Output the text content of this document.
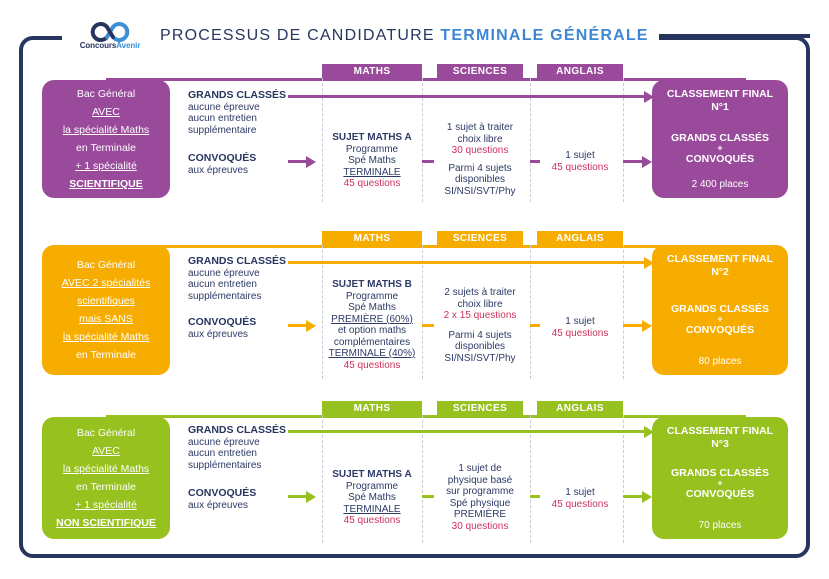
ConcoursAvenir
PROCESSUS DE CANDIDATURE TERMINALE GÉNÉRALE
MATHS	SCIENCES	ANGLAIS
Bac Général
AVEC
la spécialité Maths
en Terminale
+ 1 spécialité
SCIENTIFIQUE
GRANDS CLASSÉS
aucune épreuve
aucun entretien
supplémentaire
CONVOQUÉS
aux épreuves
SUJET MATHS A
Programme
Spé Maths
TERMINALE
45 questions
1 sujet à traiter
choix libre
30 questions
Parmi 4 sujets
disponibles
SI/NSI/SVT/Phy
1 sujet
45 questions
CLASSEMENT FINAL
N°1
GRANDS CLASSÉS
+
CONVOQUÉS
2 400 places
MATHS	SCIENCES	ANGLAIS
Bac Général
AVEC 2 spécialités
scientifiques
mais SANS
la spécialité Maths
en Terminale
GRANDS CLASSÉS
aucune épreuve
aucun entretien
supplémentaires
CONVOQUÉS
aux épreuves
SUJET MATHS B
Programme
Spé Maths
PREMIÈRE (60%)
et option maths
complémentaires
TERMINALE (40%)
45 questions
2 sujets à traiter
choix libre
2 x 15 questions
Parmi 4 sujets
disponibles
SI/NSI/SVT/Phy
1 sujet
45 questions
CLASSEMENT FINAL
N°2
GRANDS CLASSÉS
+
CONVOQUÉS
80 places
MATHS	SCIENCES	ANGLAIS
Bac Général
AVEC
la spécialité Maths
en Terminale
+ 1 spécialité
NON SCIENTIFIQUE
GRANDS CLASSÉS
aucune épreuve
aucun entretien
supplémentaires
CONVOQUÉS
aux épreuves
SUJET MATHS A
Programme
Spé Maths
TERMINALE
45 questions
1 sujet de
physique basé
sur programme
Spé physique
PREMIÈRE
30 questions
1 sujet
45 questions
CLASSEMENT FINAL
N°3
GRANDS CLASSÉS
+
CONVOQUÉS
70 places
